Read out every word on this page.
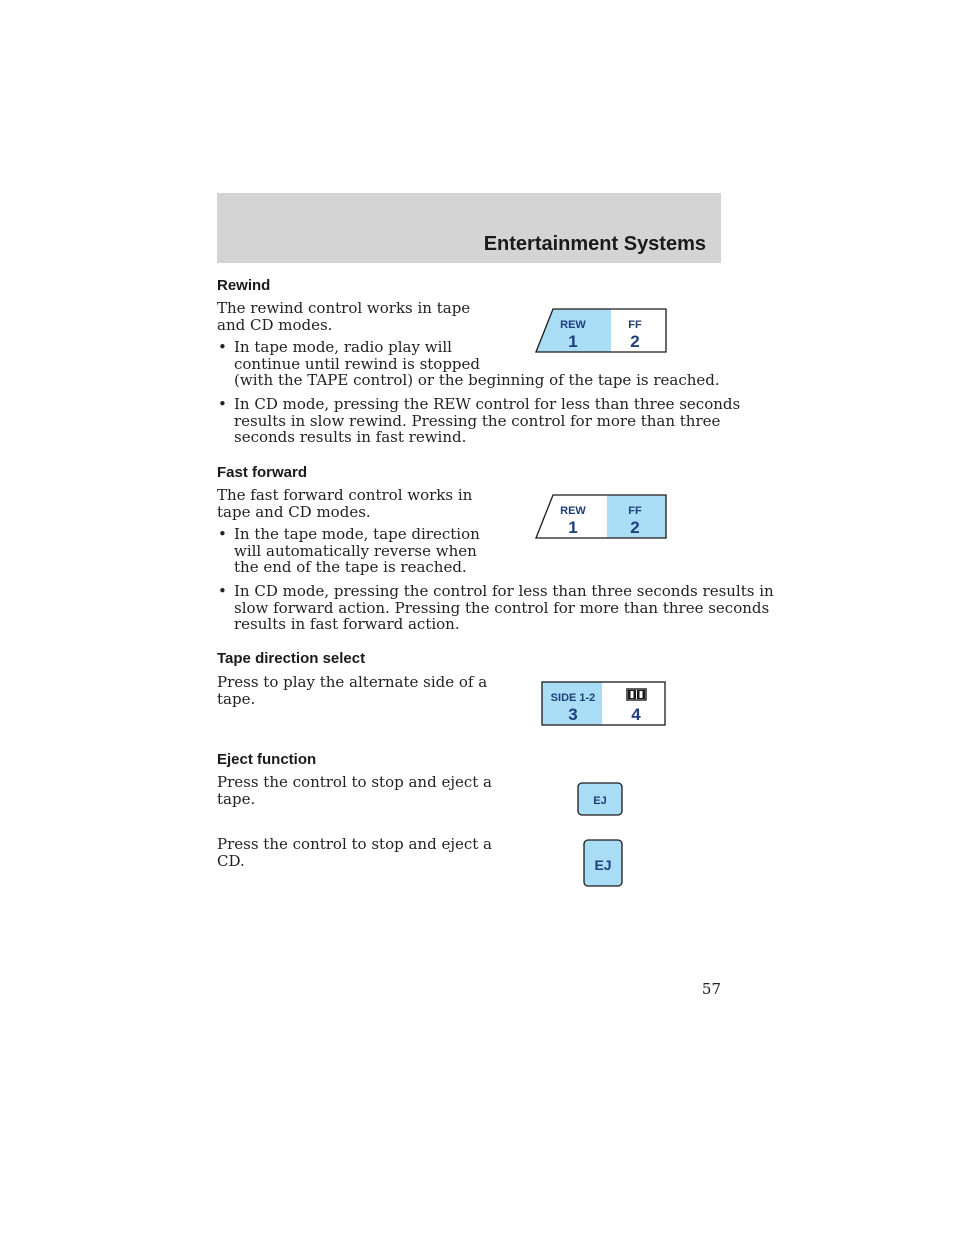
Entertainment Systems
Rewind
The rewind control works in tape
and CD modes.
• In tape mode, radio play will
continue until rewind is stopped
(with the TAPE control) or the beginning of the tape is reached.
• In CD mode, pressing the REW control for less than three seconds
results in slow rewind. Pressing the control for more than three
seconds results in fast rewind.
REW
1
FF
2
Fast forward
The fast forward control works in
tape and CD modes.
• In the tape mode, tape direction
will automatically reverse when
the end of the tape is reached.
• In CD mode, pressing the control for less than three seconds results in
slow forward action. Pressing the control for more than three seconds
results in fast forward action.
REW
1
FF
2
Tape direction select
Press to play the alternate side of a
tape.	SIDE 1-2
3	4
Eject function
Press the control to stop and eject a
tape.
Press the control to stop and eject a
CD.
EJ
EJ
57
